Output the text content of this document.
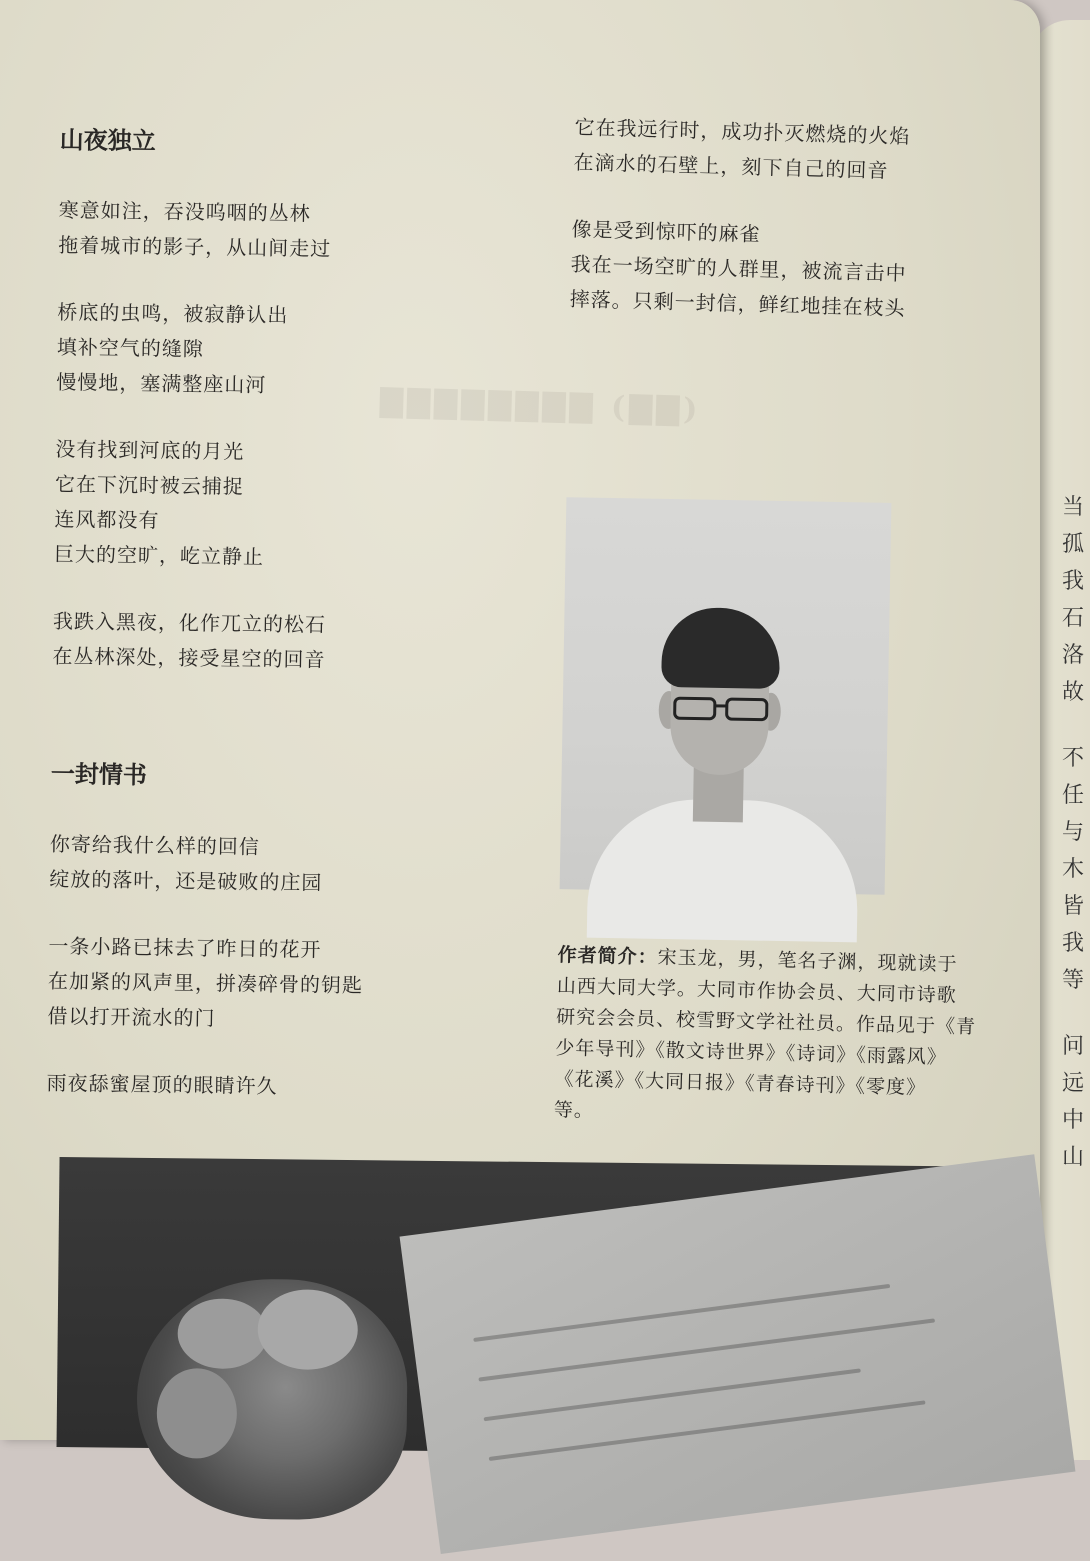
当
孤
我
石
洛
故
不
任
与
木
皆
我
等
问
远
中
山
山夜独立
寒意如注，吞没呜咽的丛林
拖着城市的影子，从山间走过
桥底的虫鸣，被寂静认出
填补空气的缝隙
慢慢地，塞满整座山河
没有找到河底的月光
它在下沉时被云捕捉
连风都没有
巨大的空旷，屹立静止
我跌入黑夜，化作兀立的松石
在丛林深处，接受星空的回音
一封情书
你寄给我什么样的回信
绽放的落叶，还是破败的庄园
一条小路已抹去了昨日的花开
在加紧的风声里，拼凑碎骨的钥匙
借以打开流水的门
雨夜舔蜜屋顶的眼睛许久
它在我远行时，成功扑灭燃烧的火焰
在滴水的石壁上，刻下自己的回音
像是受到惊吓的麻雀
我在一场空旷的人群里，被流言击中
摔落。只剩一封信，鲜红地挂在枝头
▇▇▇▇▇▇▇▇ (▇▇)
作者简介：宋玉龙，男，笔名子渊，现就读于
山西大同大学。大同市作协会员、大同市诗歌
研究会会员、校雪野文学社社员。作品见于《青
少年导刊》《散文诗世界》《诗词》《雨露风》
《花溪》《大同日报》《青春诗刊》《零度》
等。
